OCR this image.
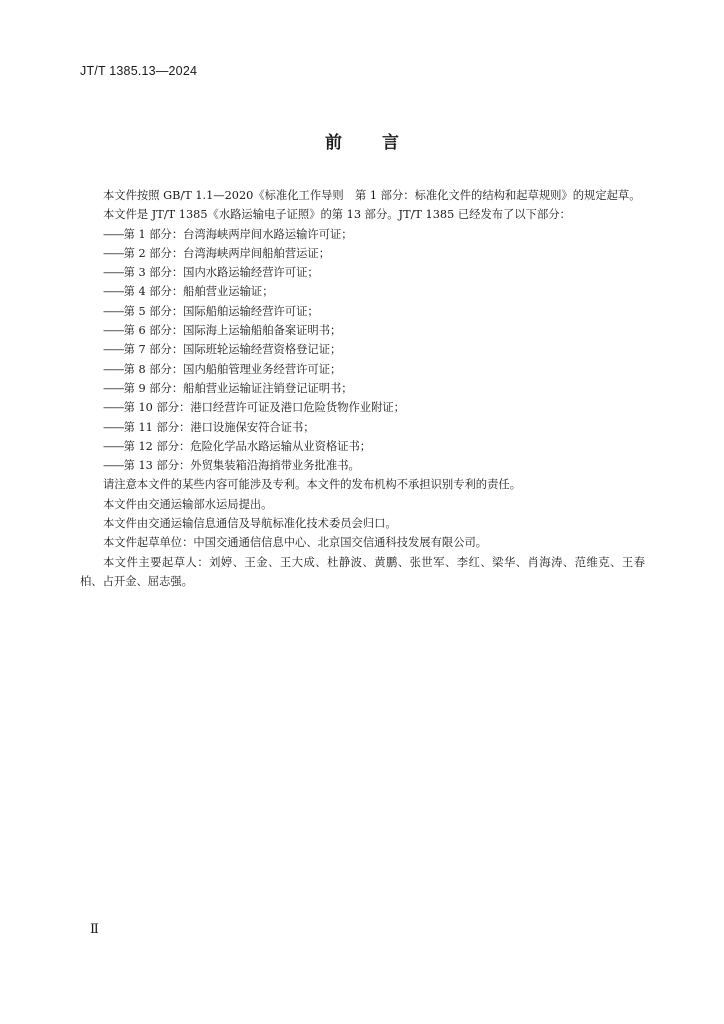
JT/T 1385.13—2024
前言

本文件按照 GB/T 1.1—2020《标准化工作导则　第 1 部分：标准化文件的结构和起草规则》的规定起草。

本文件是 JT/T 1385《水路运输电子证照》的第 13 部分。JT/T 1385 已经发布了以下部分：

——第 1 部分：台湾海峡两岸间水路运输许可证；

——第 2 部分：台湾海峡两岸间船舶营运证；

——第 3 部分：国内水路运输经营许可证；

——第 4 部分：船舶营业运输证；

——第 5 部分：国际船舶运输经营许可证；

——第 6 部分：国际海上运输船舶备案证明书；

——第 7 部分：国际班轮运输经营资格登记证；

——第 8 部分：国内船舶管理业务经营许可证；

——第 9 部分：船舶营业运输证注销登记证明书；

——第 10 部分：港口经营许可证及港口危险货物作业附证；

——第 11 部分：港口设施保安符合证书；

——第 12 部分：危险化学品水路运输从业资格证书；

——第 13 部分：外贸集装箱沿海捎带业务批准书。

请注意本文件的某些内容可能涉及专利。本文件的发布机构不承担识别专利的责任。

本文件由交通运输部水运局提出。

本文件由交通运输信息通信及导航标准化技术委员会归口。

本文件起草单位：中国交通通信信息中心、北京国交信通科技发展有限公司。

本文件主要起草人：刘婷、王金、王大成、杜静波、黄鹏、张世军、李红、梁华、肖海涛、范维克、王春柏、占开金、屈志强。

Ⅱ
